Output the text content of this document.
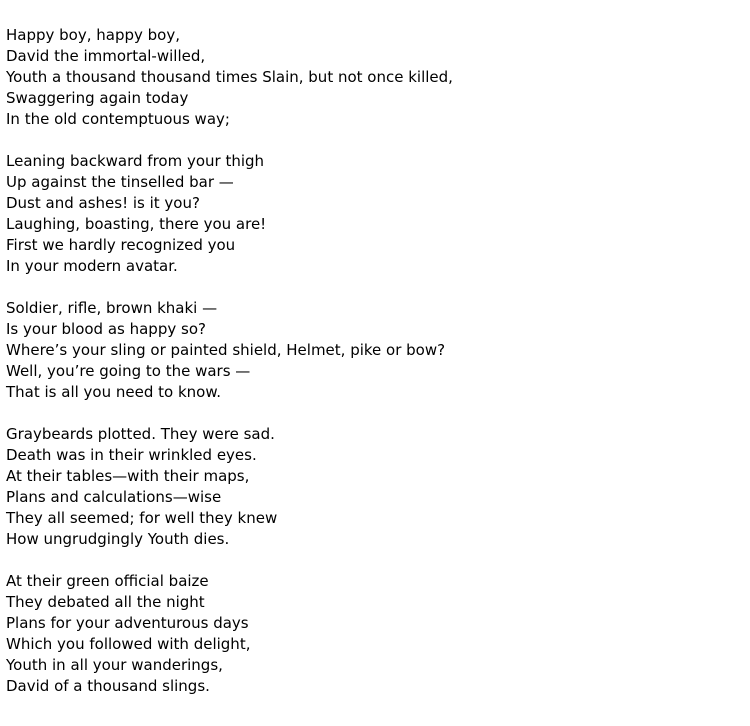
Happy boy, happy boy,
David the immortal-willed,
Youth a thousand thousand times Slain, but not once killed,
Swaggering again today
In the old contemptuous way;
Leaning backward from your thigh
Up against the tinselled bar —
Dust and ashes! is it you?
Laughing, boasting, there you are!
First we hardly recognized you
In your modern avatar.
Soldier, rifle, brown khaki —
Is your blood as happy so?
Where’s your sling or painted shield, Helmet, pike or bow?
Well, you’re going to the wars —
That is all you need to know.
Graybeards plotted. They were sad.
Death was in their wrinkled eyes.
At their tables—with their maps,
Plans and calculations—wise
They all seemed; for well they knew
How ungrudgingly Youth dies.
At their green official baize
They debated all the night
Plans for your adventurous days
Which you followed with delight,
Youth in all your wanderings,
David of a thousand slings.
